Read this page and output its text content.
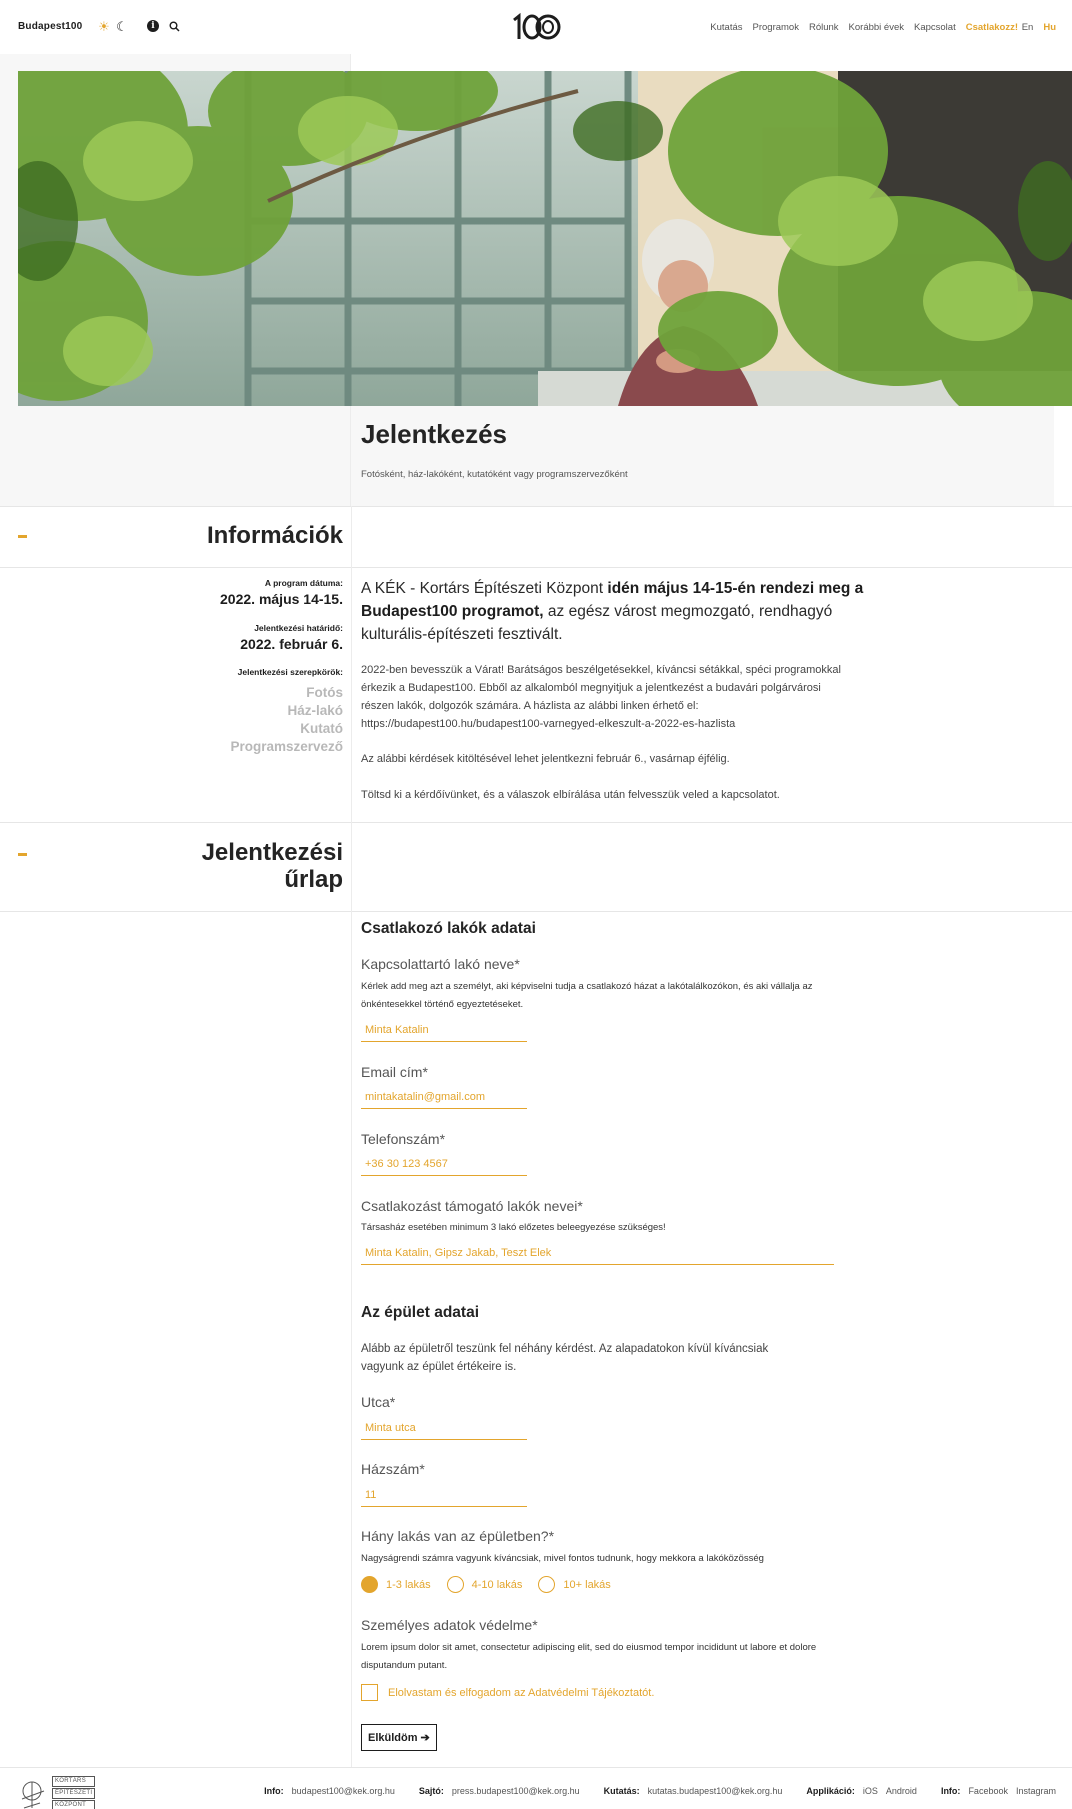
Budapest100 ☀ ☾	i	Kutatás Programok Rólunk Korábbi évek Kapcsolat Csatlakozz! En Hu
Jelentkezés
Fotósként, ház-lakóként, kutatóként vagy programszervezőként
Információk
A program dátuma:
2022. május 14-15.
Jelentkezési határidő:
2022. február 6.
Jelentkezési szerepkörök:
Fotós
Ház-lakó
Kutató
Programszervező

A KÉK - Kortárs Építészeti Központ idén május 14-15-én rendezi meg a Budapest100 programot, az egész várost megmozgató, rendhagyó kulturális-építészeti fesztivált.

2022-ben bevesszük a Várat! Barátságos beszélgetésekkel, kíváncsi sétákkal, spéci programokkal érkezik a Budapest100. Ebből az alkalomból megnyitjuk a jelentkezést a budavári polgárvárosi részen lakók, dolgozók számára. A házlista az alábbi linken érhető el: https://budapest100.hu/budapest100-varnegyed-elkeszult-a-2022-es-hazlista

Az alábbi kérdések kitöltésével lehet jelentkezni február 6., vasárnap éjfélig.

Töltsd ki a kérdőívünket, és a válaszok elbírálása után felvesszük veled a kapcsolatot.

Jelentkezési
űrlap
Csatlakozó lakók adatai
Kapcsolattartó lakó neve*
Kérlek add meg azt a személyt, aki képviselni tudja a csatlakozó házat a lakótalálkozókon, és aki vállalja az önkéntesekkel történő egyeztetéseket.
Minta Katalin
Email cím*
mintakatalin@gmail.com
Telefonszám*
+36 30 123 4567
Csatlakozást támogató lakók nevei*
Társasház esetében minimum 3 lakó előzetes beleegyezése szükséges!
Minta Katalin, Gipsz Jakab, Teszt Elek
Az épület adatai

Alább az épületről teszünk fel néhány kérdést. Az alapadatokon kívül kíváncsiak vagyunk az épület értékeire is.

Utca*
Minta utca
Házszám*
11
Hány lakás van az épületben?*
Nagyságrendi számra vagyunk kíváncsiak, mivel fontos tudnunk, hogy mekkora a lakóközösség
1-3 lakás	4-10 lakás	10+ lakás
Személyes adatok védelme*
Lorem ipsum dolor sit amet, consectetur adipiscing elit, sed do eiusmod tempor incididunt ut labore et dolore disputandum putant.
Elolvastam és elfogadom az Adatvédelmi Tájékoztatót.
Elküldöm ➔
KORTÁRS
ÉPÍTÉSZETI
KÖZPONT
Info: budapest100@kek.org.hu	Sajtó: press.budapest100@kek.org.hu	Kutatás: kutatas.budapest100@kek.org.hu	Applikáció: iOS Android	Info: Facebook Instagram
